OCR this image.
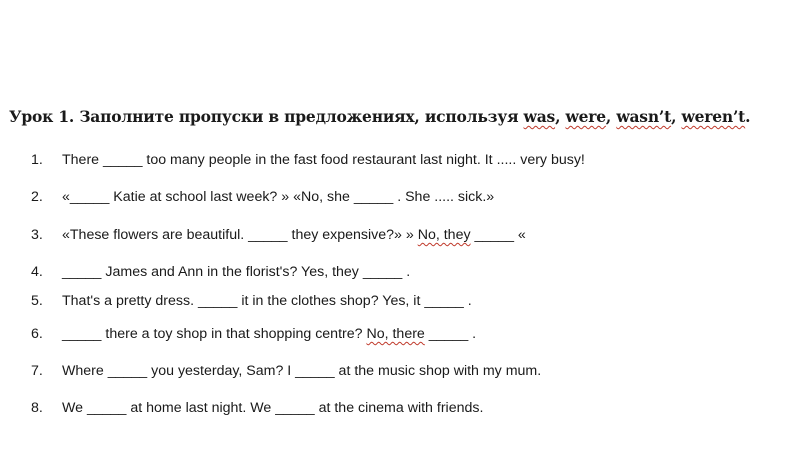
Урок 1. Заполните пропуски в предложениях, используя was, were, wasn’t, weren’t.
1. There _____ too many people in the fast food restaurant last night. It ..... very busy!
2. «_____ Katie at school last week? » «No, she _____ . She ..... sick.»
3. «These flowers are beautiful. _____ they expensive?» » No, they _____ «
4. _____ James and Ann in the florist's? Yes, they _____ .
5. That's a pretty dress. _____ it in the clothes shop? Yes, it _____ .
6. _____ there a toy shop in that shopping centre? No, there _____ .
7. Where _____ you yesterday, Sam? I _____ at the music shop with my mum.
8. We _____ at home last night. We _____ at the cinema with friends.
